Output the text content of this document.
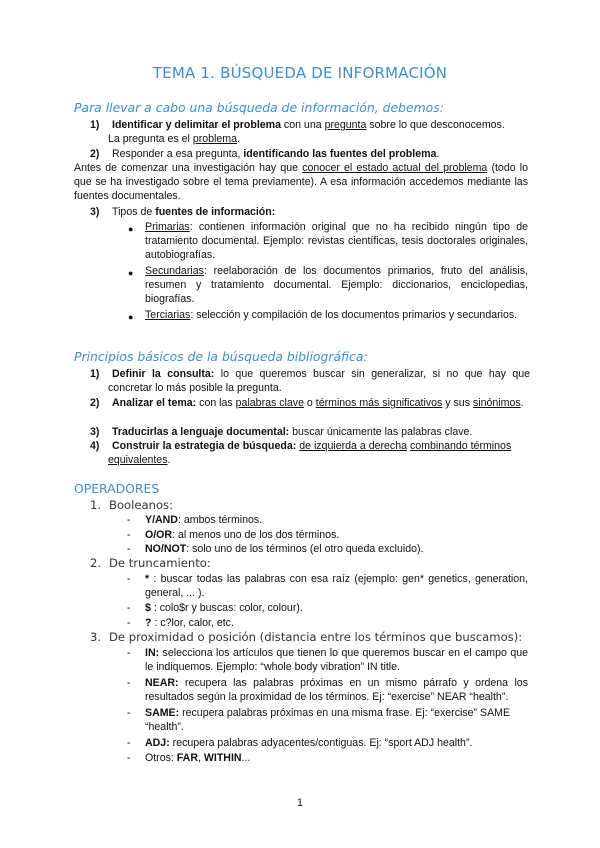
TEMA 1. BÚSQUEDA DE INFORMACIÓN
Para llevar a cabo una búsqueda de información, debemos:
1) Identificar y delimitar el problema con una pregunta sobre lo que desconocemos.
La pregunta es el problema.
2) Responder a esa pregunta, identificando las fuentes del problema.
Antes de comenzar una investigación hay que conocer el estado actual del problema (todo lo que se ha investigado sobre el tema previamente). A esa información accedemos mediante las fuentes documentales.
3) Tipos de fuentes de información:
● Primarias: contienen información original que no ha recibido ningún tipo de tratamiento documental. Ejemplo: revistas científicas, tesis doctorales originales, autobiografías.
● Secundarias: reelaboración de los documentos primarios, fruto del análisis, resumen y tratamiento documental. Ejemplo: diccionarios, enciclopedias, biografías.
● Terciarias: selección y compilación de los documentos primarios y secundarios.
Principios básicos de la búsqueda bibliográfica:
1)	Definir la consulta: lo que queremos buscar sin generalizar, si no que hay que concretar lo más posible la pregunta.
2)	Analizar el tema: con las palabras clave o términos más significativos y sus sinónimos.
3) Traducirlas a lenguaje documental: buscar únicamente las palabras clave.
4)	Construir la estrategia de búsqueda: de izquierda a derecha combinando términos equivalentes.
OPERADORES
1. Booleanos:
- Y/AND: ambos términos.
- O/OR: al menos uno de los dos términos.
- NO/NOT: solo uno de los términos (el otro queda excluido).
2. De truncamiento:
- * : buscar todas las palabras con esa raíz (ejemplo: gen* genetics, generation, general, ... ).
- $ : colo$r y buscas: color, colour).
- ? : c?lor, calor, etc.
3. De proximidad o posición (distancia entre los términos que buscamos):
- IN: selecciona los artículos que tienen lo que queremos buscar en el campo que le indiquemos. Ejemplo: “whole body vibration” IN title.
- NEAR: recupera las palabras próximas en un mismo párrafo y ordena los resultados según la proximidad de los términos. Ej: “exercise” NEAR “health”.
- SAME: recupera palabras próximas en una misma frase. Ej: “exercise” SAME “health”.
- ADJ: recupera palabras adyacentes/contiguas. Ej: “sport ADJ health”.
- Otros: FAR, WITHIN...
1
